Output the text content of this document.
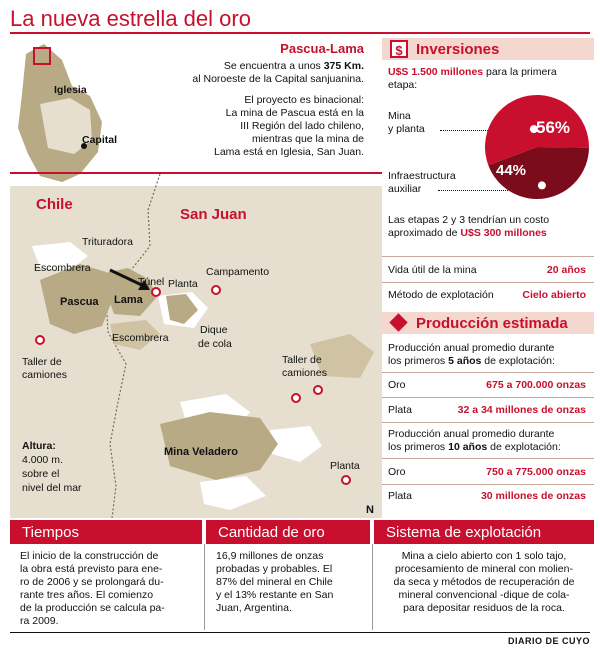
La nueva estrella del oro
N
Iglesia
Capital
Pascua-Lama
Se encuentra a unos 375 Km.
al Noroeste de la Capital sanjuanina.
El proyecto es binacional:
La mina de Pascua está en la
III Región del lado chileno,
mientras que la mina de
Lama está en Iglesia, San Juan.
Chile
San Juan
Trituradora
Escombrera
Túnel Planta
Campamento
Pascua Lama
Escombrera
Dique
de cola
Taller de
camiones
Taller de
camiones
Altura:
4.000 m.
sobre el
nivel del mar
Mina Veladero
Planta
$ Inversiones
U$S 1.500 millones para la primera
etapa:
Mina
y planta
Infraestructura
auxiliar
56%
44%
Las etapas 2 y 3 tendrían un costo
aproximado de U$S 300 millones
Vida útil de la mina	20 años
Método de explotación	Cielo abierto
Producción estimada
Producción anual promedio durante
los primeros 5 años de explotación:
Oro	675 a 700.000 onzas
Plata	32 a 34 millones de onzas
Producción anual promedio durante
los primeros 10 años de explotación:
Oro	750 a 775.000 onzas
Plata	30 millones de onzas
Tiempos	Cantidad de oro	Sistema de explotación
El inicio de la construcción de
la obra está previsto para ene-
ro de 2006 y se prolongará du-
rante tres años. El comienzo
de la producción se calcula pa-
ra 2009.
16,9 millones de onzas
probadas y probables. El
87% del mineral en Chile
y el 13% restante en San
Juan, Argentina.
Mina a cielo abierto con 1 solo tajo,
procesamiento de mineral con molien-
da seca y métodos de recuperación de
mineral convencional -dique de cola-
para depositar residuos de la roca.
DIARIO DE CUYO
